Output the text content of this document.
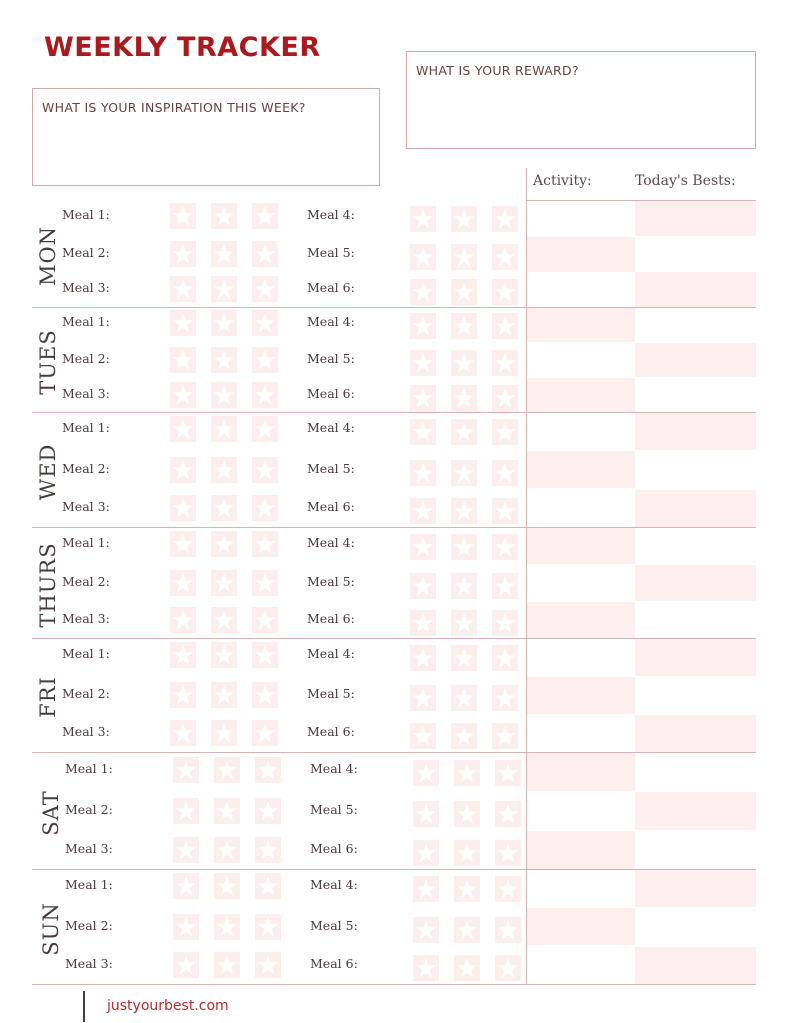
WEEKLY TRACKER
WHAT IS YOUR INSPIRATION THIS WEEK?
WHAT IS YOUR REWARD?
Activity:	Today's Bests:
MON
Meal 1:	Meal 4:
Meal 2:	Meal 5:
Meal 3:	Meal 6:
TUES
Meal 1:	Meal 4:
Meal 2:	Meal 5:
Meal 3:	Meal 6:
WED
Meal 1:	Meal 4:
Meal 2:	Meal 5:
Meal 3:	Meal 6:
THURS Meal 1:	Meal 4:
Meal 2:	Meal 5:
Meal 3:	Meal 6:
FRI
Meal 1:	Meal 4:
Meal 2:	Meal 5:
Meal 3:	Meal 6:
SAT
Meal 1:	Meal 4:
Meal 2:	Meal 5:
Meal 3:	Meal 6:
SUN
Meal 1:	Meal 4:
Meal 2:	Meal 5:
Meal 3:	Meal 6:
justyourbest.com
